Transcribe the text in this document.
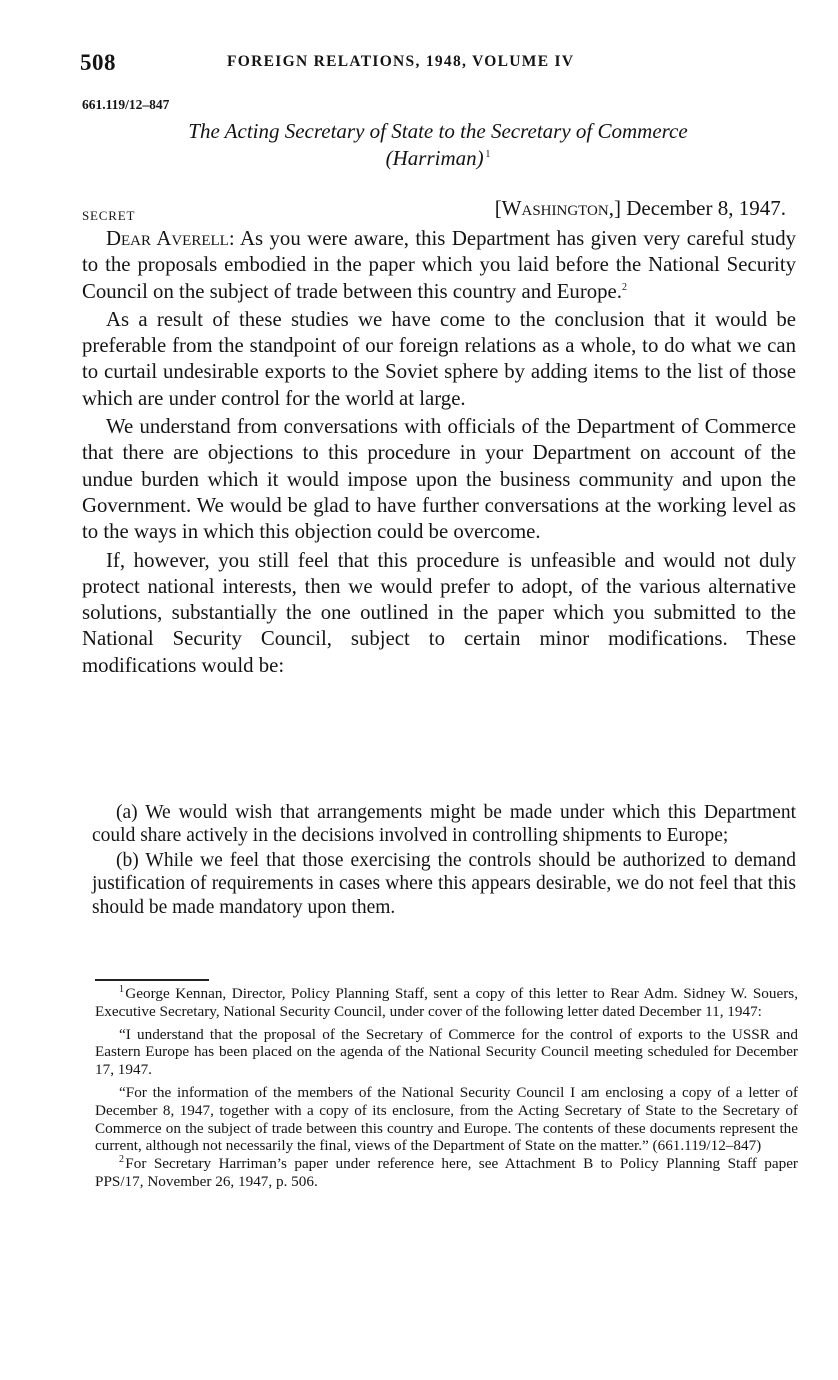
508	FOREIGN RELATIONS, 1948, VOLUME IV
661.119/12–847
The Acting Secretary of State to the Secretary of Commerce
(Harriman)  $^1$
SECRET	[Washington,] December 8, 1947.

Dear Averell: As you were aware, this Department has given very careful study to the proposals embodied in the paper which you laid before the National Security Council on the subject of trade between this country and Europe.$^2$

As a result of these studies we have come to the conclusion that it would be preferable from the standpoint of our foreign relations as a whole, to do what we can to curtail undesirable exports to the Soviet sphere by adding items to the list of those which are under control for the world at large.

We understand from conversations with officials of the Department of Commerce that there are objections to this procedure in your Department on account of the undue burden which it would impose upon the business community and upon the Government. We would be glad to have further conversations at the working level as to the ways in which this objection could be overcome.

If, however, you still feel that this procedure is unfeasible and would not duly protect national interests, then we would prefer to adopt, of the various alternative solutions, substantially the one outlined in the paper which you submitted to the National Security Council, subject to certain minor modifications. These modifications would be:

(a) We would wish that arrangements might be made under which this Department could share actively in the decisions involved in controlling shipments to Europe;

(b) While we feel that those exercising the controls should be authorized to demand justification of requirements in cases where this appears desirable, we do not feel that this should be made mandatory upon them.

$^1$ George Kennan, Director, Policy Planning Staff, sent a copy of this letter to Rear Adm. Sidney W. Souers, Executive Secretary, National Security Council, under cover of the following letter dated December 11, 1947:

“I understand that the proposal of the Secretary of Commerce for the control of exports to the USSR and Eastern Europe has been placed on the agenda of the National Security Council meeting scheduled for December 17, 1947.

“For the information of the members of the National Security Council I am enclosing a copy of a letter of December 8, 1947, together with a copy of its enclosure, from the Acting Secretary of State to the Secretary of Commerce on the subject of trade between this country and Europe. The contents of these documents represent the current, although not necessarily the final, views of the Department of State on the matter.” (661.119/12–847)

$^2$ For Secretary Harriman’s paper under reference here, see Attachment B to Policy Planning Staff paper PPS/17, November 26, 1947, p. 506.
